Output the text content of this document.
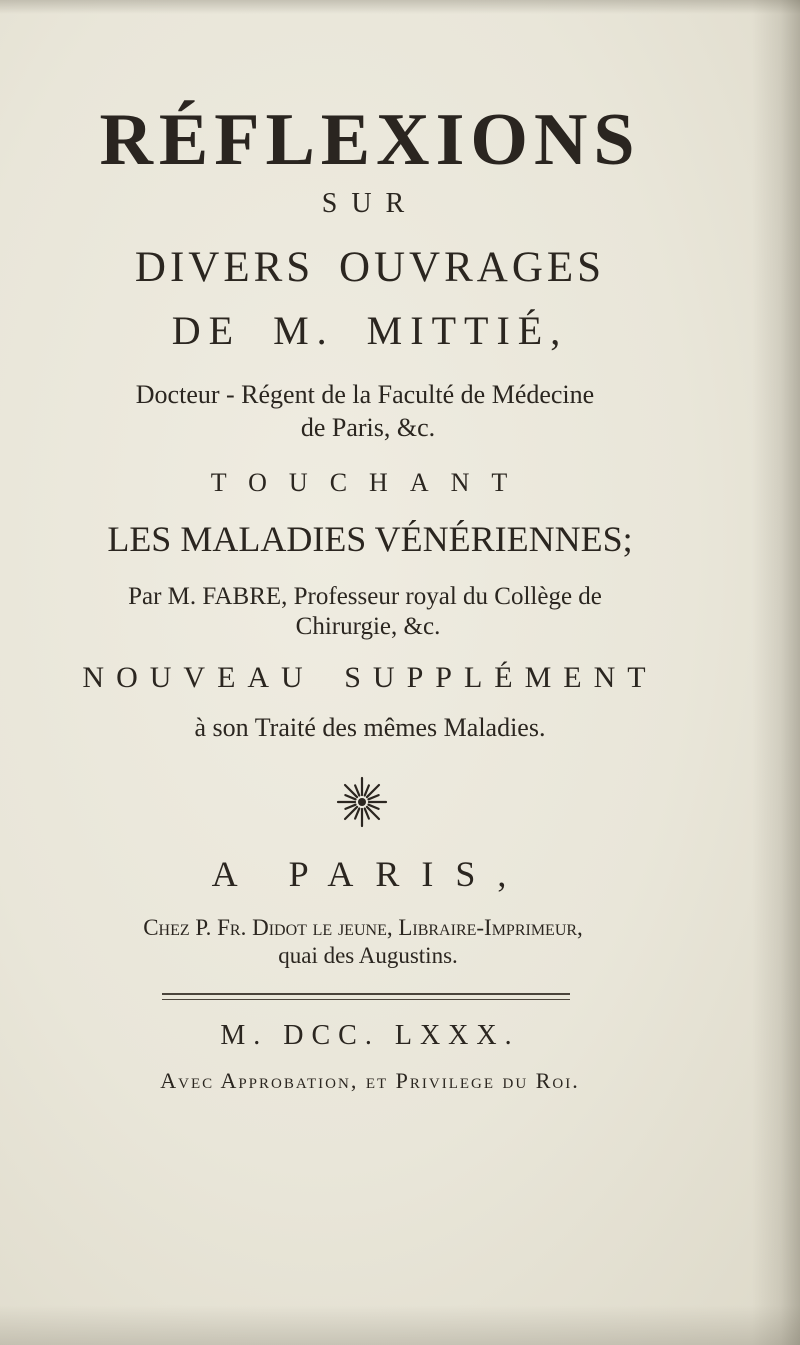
RÉFLEXIONS
SUR
DIVERS OUVRAGES
DE M. MITTIÉ,
Docteur - Régent de la Faculté de Médecine
de Paris, &c.
TOUCHANT
LES MALADIES VÉNÉRIENNES;
Par M. FABRE, Professeur royal du Collège de
Chirurgie, &c.
NOUVEAU SUPPLÉMENT
à son Traité des mêmes Maladies.
A PARIS,
Chez P. Fr. Didot le jeune, Libraire-Imprimeur,
quai des Augustins.
M. DCC. LXXX.
Avec Approbation, et Privilege du Roi.
